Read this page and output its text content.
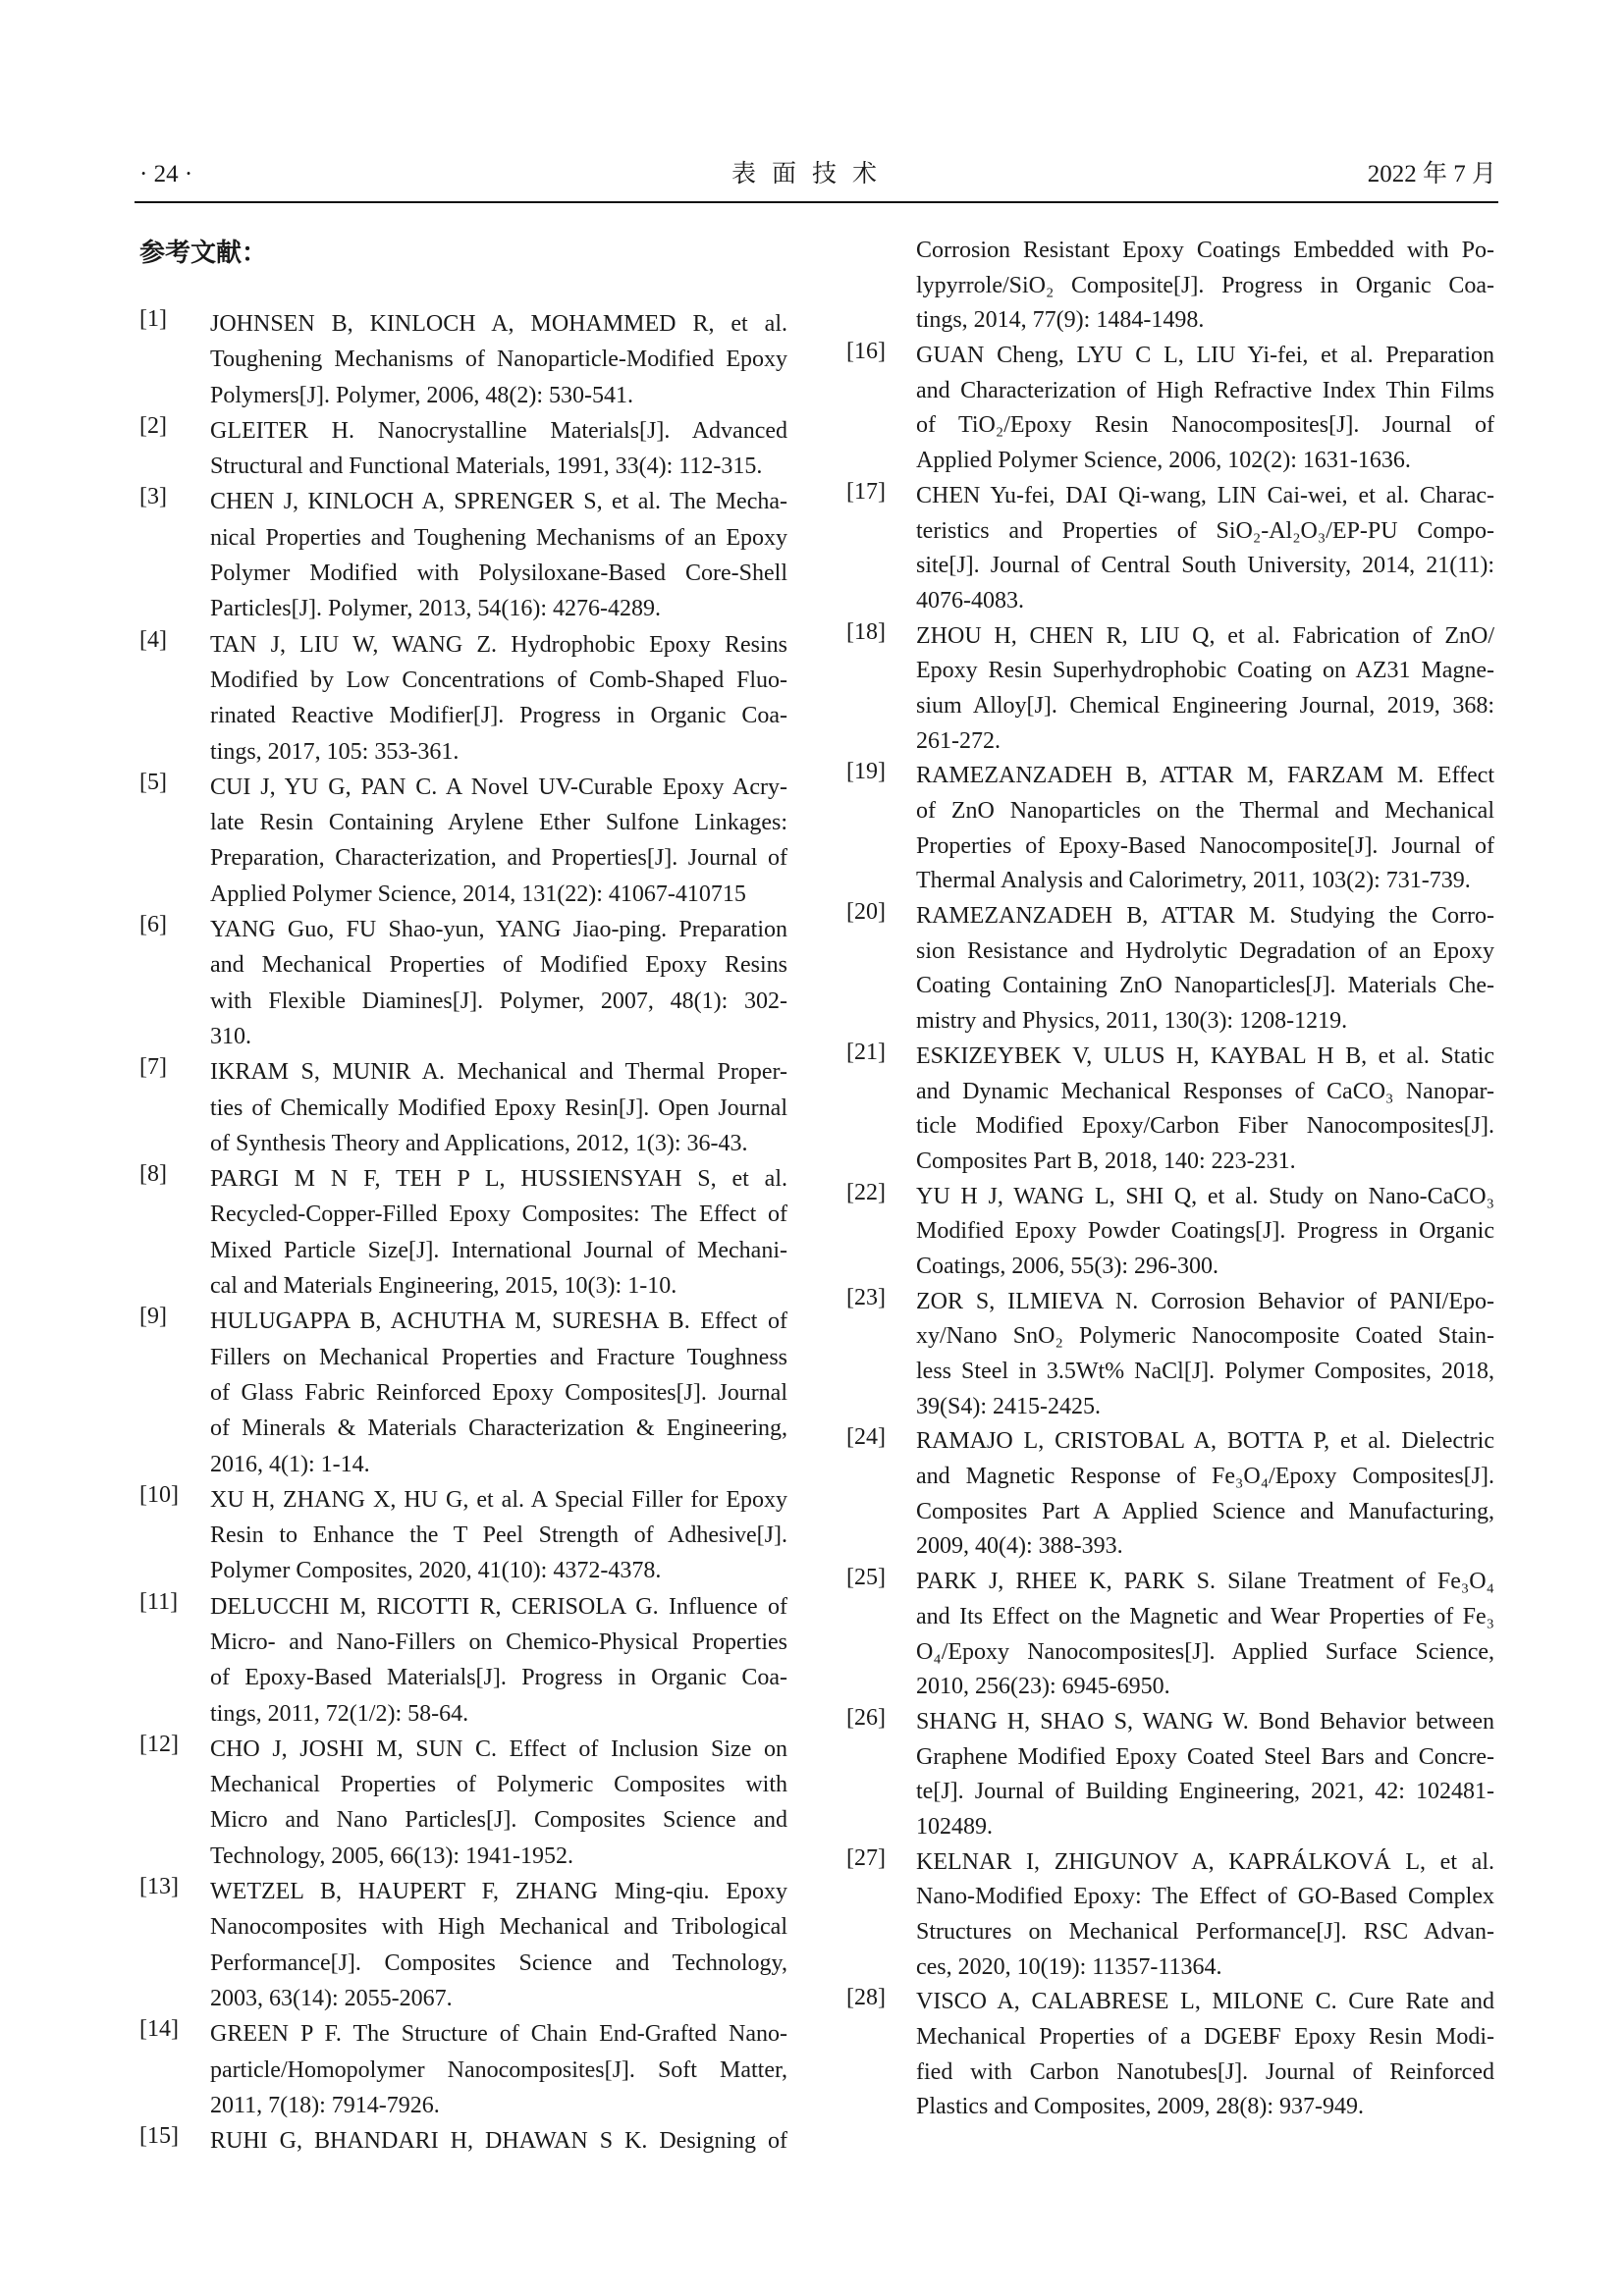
· 24 ·	表面技术	2022 年 7 月
参考文献：
[1] JOHNSEN B, KINLOCH A, MOHAMMED R, et al.
Toughening Mechanisms of Nanoparticle-Modified Epoxy
Polymers[J]. Polymer, 2006, 48(2): 530-541.
[2] GLEITER H. Nanocrystalline Materials[J]. Advanced
Structural and Functional Materials, 1991, 33(4): 112-315.
[3] CHEN J, KINLOCH A, SPRENGER S, et al. The Mecha-
nical Properties and Toughening Mechanisms of an Epoxy
Polymer Modified with Polysiloxane-Based Core-Shell
Particles[J]. Polymer, 2013, 54(16): 4276-4289.
[4] TAN J, LIU W, WANG Z. Hydrophobic Epoxy Resins
Modified by Low Concentrations of Comb-Shaped Fluo-
rinated Reactive Modifier[J]. Progress in Organic Coa-
tings, 2017, 105: 353-361.
[5] CUI J, YU G, PAN C. A Novel UV-Curable Epoxy Acry-
late Resin Containing Arylene Ether Sulfone Linkages:
Preparation, Characterization, and Properties[J]. Journal of
Applied Polymer Science, 2014, 131(22): 41067-410715
[6] YANG Guo, FU Shao-yun, YANG Jiao-ping. Preparation
and Mechanical Properties of Modified Epoxy Resins
with Flexible Diamines[J]. Polymer, 2007, 48(1): 302-
310.
[7] IKRAM S, MUNIR A. Mechanical and Thermal Proper-
ties of Chemically Modified Epoxy Resin[J]. Open Journal
of Synthesis Theory and Applications, 2012, 1(3): 36-43.
[8] PARGI M N F, TEH P L, HUSSIENSYAH S, et al.
Recycled-Copper-Filled Epoxy Composites: The Effect of
Mixed Particle Size[J]. International Journal of Mechani-
cal and Materials Engineering, 2015, 10(3): 1-10.
[9] HULUGAPPA B, ACHUTHA M, SURESHA B. Effect of
Fillers on Mechanical Properties and Fracture Toughness
of Glass Fabric Reinforced Epoxy Composites[J]. Journal
of Minerals & Materials Characterization & Engineering,
2016, 4(1): 1-14.
[10] XU H, ZHANG X, HU G, et al. A Special Filler for Epoxy
Resin to Enhance the T Peel Strength of Adhesive[J].
Polymer Composites, 2020, 41(10): 4372-4378.
[11] DELUCCHI M, RICOTTI R, CERISOLA G. Influence of
Micro- and Nano-Fillers on Chemico-Physical Properties
of Epoxy-Based Materials[J]. Progress in Organic Coa-
tings, 2011, 72(1/2): 58-64.
[12] CHO J, JOSHI M, SUN C. Effect of Inclusion Size on
Mechanical Properties of Polymeric Composites with
Micro and Nano Particles[J]. Composites Science and
Technology, 2005, 66(13): 1941-1952.
[13] WETZEL B, HAUPERT F, ZHANG Ming-qiu. Epoxy
Nanocomposites with High Mechanical and Tribological
Performance[J]. Composites Science and Technology,
2003, 63(14): 2055-2067.
[14] GREEN P F. The Structure of Chain End-Grafted Nano-
particle/Homopolymer Nanocomposites[J]. Soft Matter,
2011, 7(18): 7914-7926.
[15] RUHI G, BHANDARI H, DHAWAN S K. Designing of
Corrosion Resistant Epoxy Coatings Embedded with Po-
lypyrrole/SiO₂ Composite[J]. Progress in Organic Coa-
tings, 2014, 77(9): 1484-1498.
[16] GUAN Cheng, LYU C L, LIU Yi-fei, et al. Preparation
and Characterization of High Refractive Index Thin Films
of TiO₂/Epoxy Resin Nanocomposites[J]. Journal of
Applied Polymer Science, 2006, 102(2): 1631-1636.
[17] CHEN Yu-fei, DAI Qi-wang, LIN Cai-wei, et al. Charac-
teristics and Properties of SiO₂-Al₂O₃/EP-PU Compo-
site[J]. Journal of Central South University, 2014, 21(11):
4076-4083.
[18] ZHOU H, CHEN R, LIU Q, et al. Fabrication of ZnO/
Epoxy Resin Superhydrophobic Coating on AZ31 Magne-
sium Alloy[J]. Chemical Engineering Journal, 2019, 368:
261-272.
[19] RAMEZANZADEH B, ATTAR M, FARZAM M. Effect
of ZnO Nanoparticles on the Thermal and Mechanical
Properties of Epoxy-Based Nanocomposite[J]. Journal of
Thermal Analysis and Calorimetry, 2011, 103(2): 731-739.
[20] RAMEZANZADEH B, ATTAR M. Studying the Corro-
sion Resistance and Hydrolytic Degradation of an Epoxy
Coating Containing ZnO Nanoparticles[J]. Materials Che-
mistry and Physics, 2011, 130(3): 1208-1219.
[21] ESKIZEYBEK V, ULUS H, KAYBAL H B, et al. Static
and Dynamic Mechanical Responses of CaCO₃ Nanopar-
ticle Modified Epoxy/Carbon Fiber Nanocomposites[J].
Composites Part B, 2018, 140: 223-231.
[22] YU H J, WANG L, SHI Q, et al. Study on Nano-CaCO₃
Modified Epoxy Powder Coatings[J]. Progress in Organic
Coatings, 2006, 55(3): 296-300.
[23] ZOR S, ILMIEVA N. Corrosion Behavior of PANI/Epo-
xy/Nano SnO₂ Polymeric Nanocomposite Coated Stain-
less Steel in 3.5Wt% NaCl[J]. Polymer Composites, 2018,
39(S4): 2415-2425.
[24] RAMAJO L, CRISTOBAL A, BOTTA P, et al. Dielectric
and Magnetic Response of Fe₃O₄/Epoxy Composites[J].
Composites Part A Applied Science and Manufacturing,
2009, 40(4): 388-393.
[25] PARK J, RHEE K, PARK S. Silane Treatment of Fe₃O₄
and Its Effect on the Magnetic and Wear Properties of Fe₃
O₄/Epoxy Nanocomposites[J]. Applied Surface Science,
2010, 256(23): 6945-6950.
[26] SHANG H, SHAO S, WANG W. Bond Behavior between
Graphene Modified Epoxy Coated Steel Bars and Concre-
te[J]. Journal of Building Engineering, 2021, 42: 102481-
102489.
[27] KELNAR I, ZHIGUNOV A, KAPRÁLKOVÁ L, et al.
Nano-Modified Epoxy: The Effect of GO-Based Complex
Structures on Mechanical Performance[J]. RSC Advan-
ces, 2020, 10(19): 11357-11364.
[28] VISCO A, CALABRESE L, MILONE C. Cure Rate and
Mechanical Properties of a DGEBF Epoxy Resin Modi-
fied with Carbon Nanotubes[J]. Journal of Reinforced
Plastics and Composites, 2009, 28(8): 937-949.
